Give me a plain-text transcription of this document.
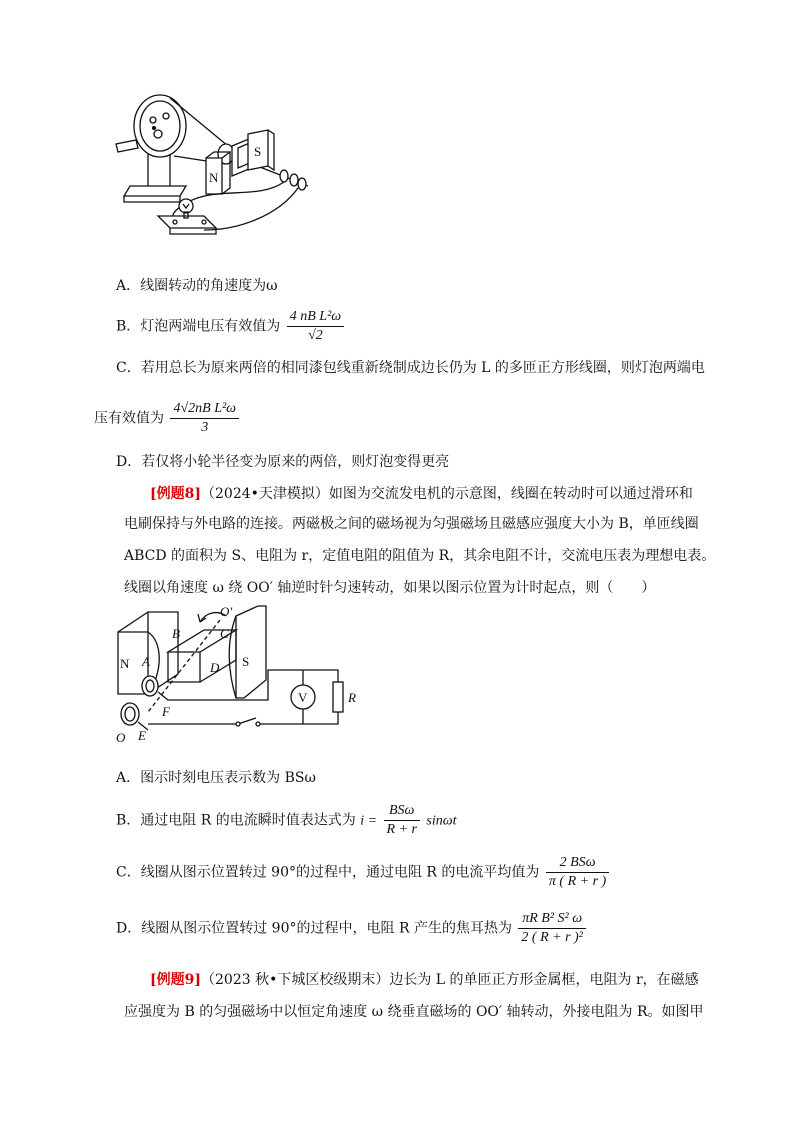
N
S
A．线圈转动的角速度为ω
B．灯泡两端电压有效值为 $\frac{\text{4 nB L²ω}}{√2}$
C．若用总长为原来两倍的相同漆包线重新绕制成边长仍为 L 的多匝正方形线圈，则灯泡两端电
压有效值为 $\frac{\text{4√2nB L²ω}}{3}$
D．若仅将小轮半径变为原来的两倍，则灯泡变得更亮
[例题8]（2024•天津模拟）如图为交流发电机的示意图，线圈在转动时可以通过滑环和
电刷保持与外电路的连接。两磁极之间的磁场视为匀强磁场且磁感应强度大小为 B，单匝线圈
ABCD 的面积为 S、电阻为 r，定值电阻的阻值为 R，其余电阻不计，交流电压表为理想电表。
线圈以角速度 ω 绕 OO′ 轴逆时针匀速转动，如果以图示位置为计时起点，则（　　）
O′
B	C
A	D
R
F
O E
N	S
V
A．图示时刻电压表示数为 BSω
B．通过电阻 R 的电流瞬时值表达式为 $i = \frac{\text{BSω}}{R + r}$ sinωt
C．线圈从图示位置转过 90°的过程中，通过电阻 R 的电流平均值为 $\frac{\text{2 BSω}}{\pi ( R + r )}$
D．线圈从图示位置转过 90°的过程中，电阻 R 产生的焦耳热为 $\frac{\text{πR B² S² ω}}{\text{2 ( R + r )²}}$
[例题9]（2023 秋•下城区校级期末）边长为 L 的单匝正方形金属框，电阻为 r，在磁感
应强度为 B 的匀强磁场中以恒定角速度 ω 绕垂直磁场的 OO′ 轴转动，外接电阻为 R。如图甲
